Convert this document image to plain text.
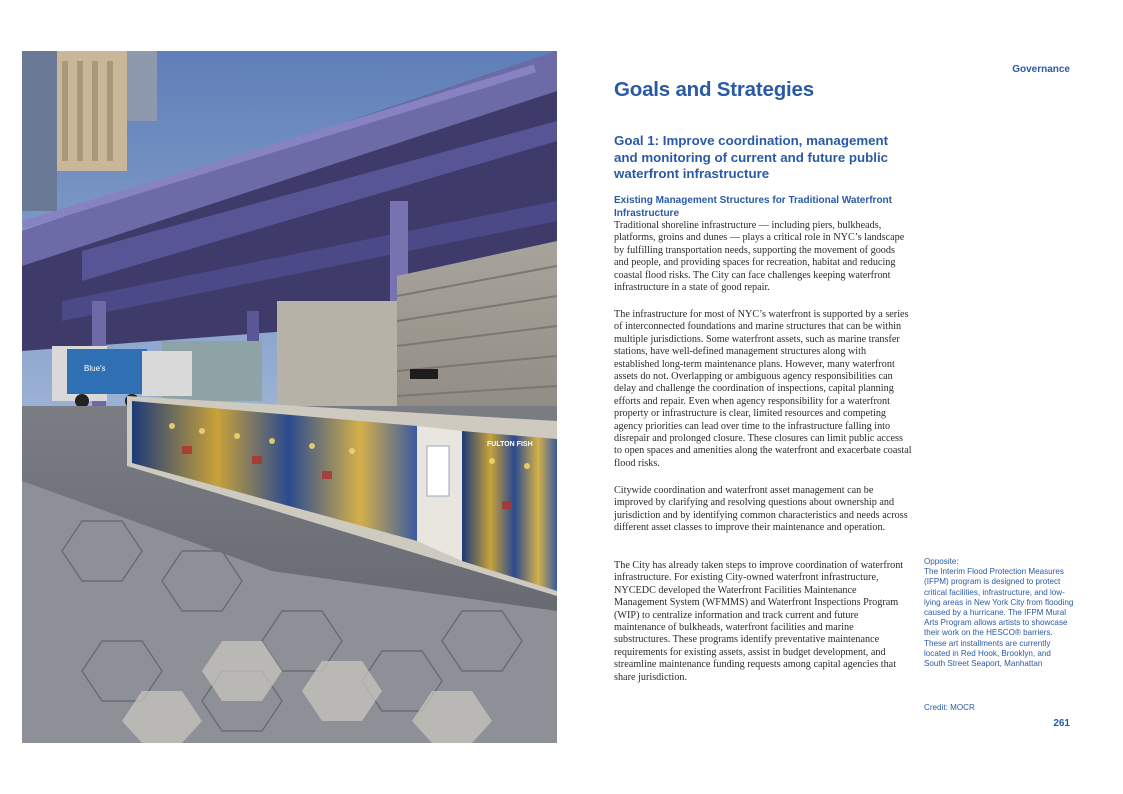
Blue's
FULTON FISH
Governance
Goals and Strategies
Goal 1: Improve coordination, management and monitoring of current and future public waterfront infrastructure
Existing Management Structures for Traditional Waterfront Infrastructure

Traditional shoreline infrastructure — including piers, bulkheads, platforms, groins and dunes — plays a critical role in NYC’s landscape by fulfilling transportation needs, supporting the movement of goods and people, and providing spaces for recreation, habitat and reducing coastal flood risks. The City can face challenges keeping waterfront infrastructure in a state of good repair.

The infrastructure for most of NYC’s waterfront is supported by a series of interconnected foundations and marine structures that can be within multiple jurisdictions. Some waterfront assets, such as marine transfer stations, have well-defined management structures along with established long-term maintenance plans. However, many waterfront assets do not. Overlapping or ambiguous agency responsibilities can delay and challenge the coordination of inspections, capital planning efforts and repair. Even when agency responsibility for a waterfront property or infrastructure is clear, limited resources and competing agency priorities can lead over time to the infrastructure falling into disrepair and prolonged closure. These closures can limit public access to open spaces and amenities along the waterfront and exacerbate coastal flood risks.

Citywide coordination and waterfront asset management can be improved by clarifying and resolving questions about ownership and jurisdiction and by identifying common characteristics and needs across different asset classes to improve their maintenance and operation.

The City has already taken steps to improve coordination of waterfront infrastructure. For existing City-owned waterfront infrastructure, NYCEDC developed the Waterfront Facilities Maintenance Management System (WFMMS) and Waterfront Inspections Program (WIP) to centralize information and track current and future maintenance of bulkheads, waterfront facilities and marine substructures. These programs identify preventative maintenance requirements for existing assets, assist in budget development, and streamline maintenance funding requests among capital agencies that share jurisdiction.

Opposite:
The Interim Flood Protection Measures (IFPM) program is designed to protect critical facilities, infrastructure, and low-lying areas in New York City from flooding caused by a hurricane. The IFPM Mural Arts Program allows artists to showcase their work on the HESCO® barriers. These art installments are currently located in Red Hook, Brooklyn, and South Street Seaport, Manhattan
Credit: MOCR
261
